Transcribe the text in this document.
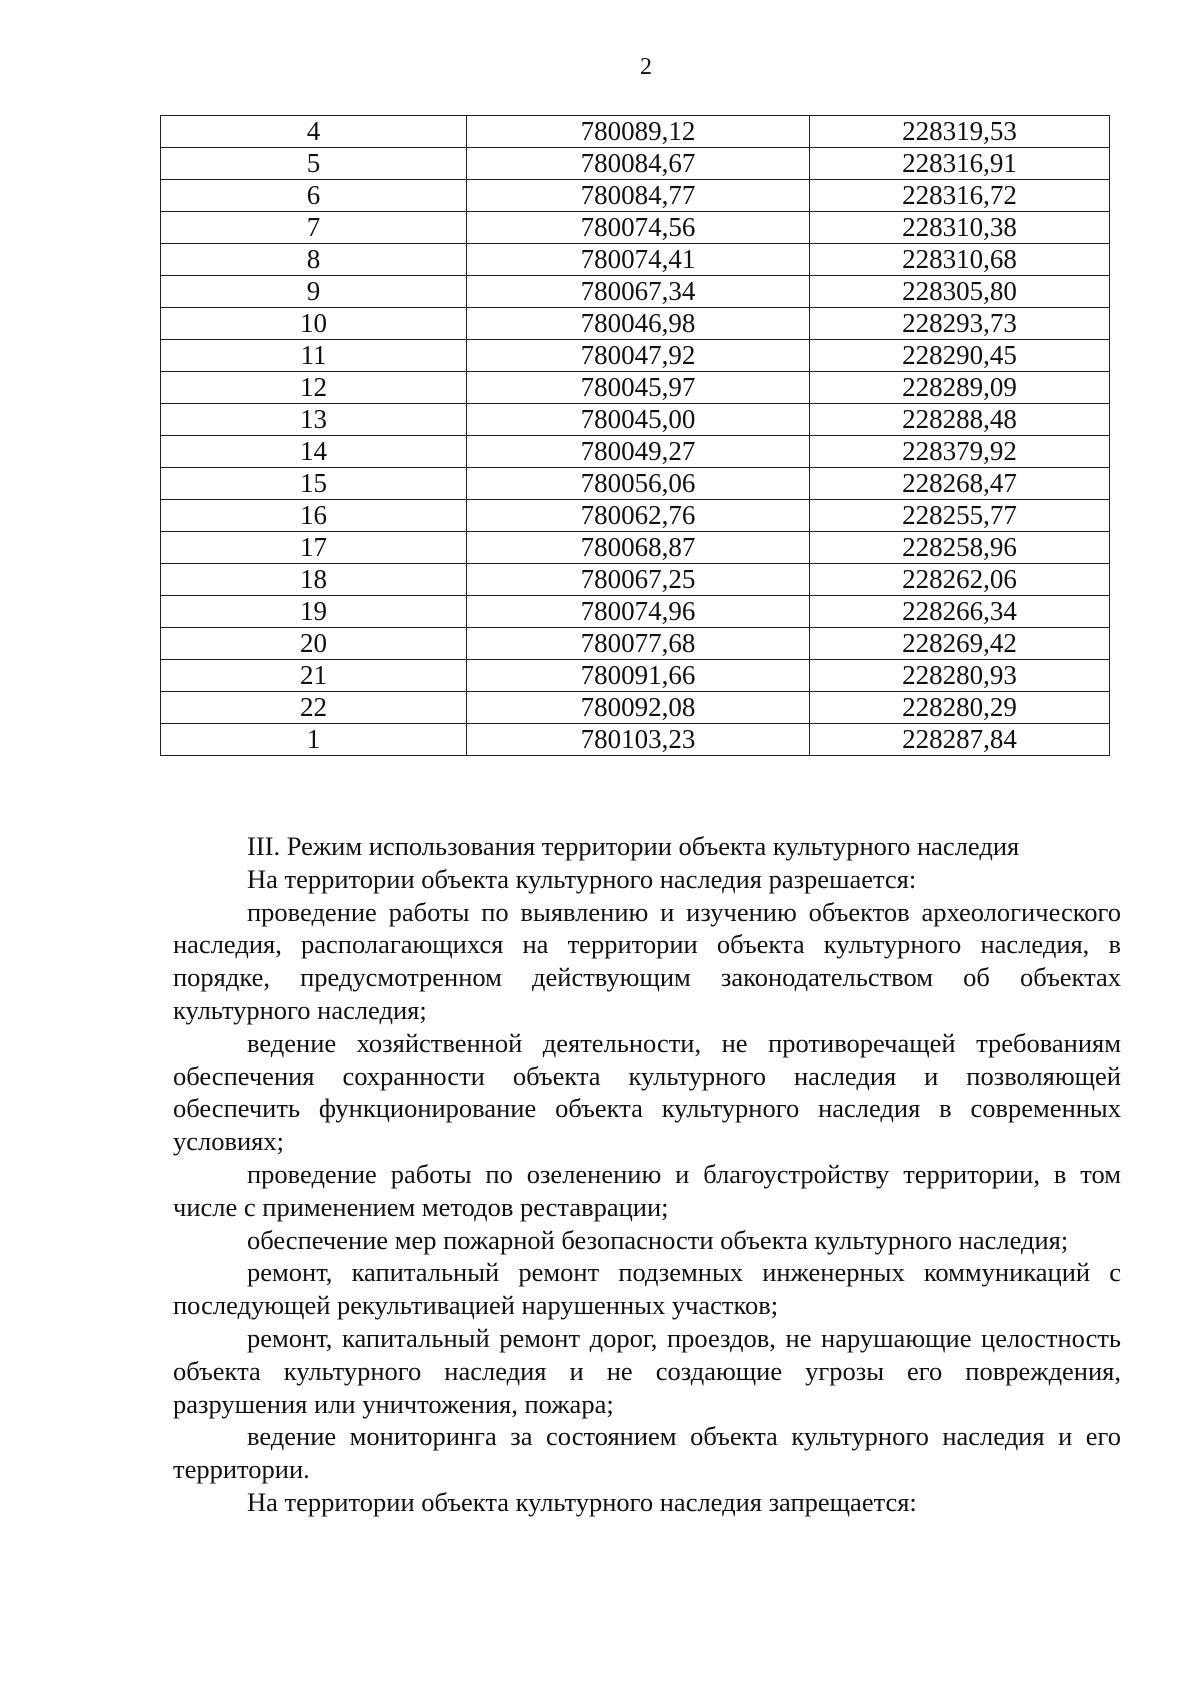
2
4	780089,12	228319,53
5	780084,67	228316,91
6	780084,77	228316,72
7	780074,56	228310,38
8	780074,41	228310,68
9	780067,34	228305,80
10	780046,98	228293,73
11	780047,92	228290,45
12	780045,97	228289,09
13	780045,00	228288,48
14	780049,27	228379,92
15	780056,06	228268,47
16	780062,76	228255,77
17	780068,87	228258,96
18	780067,25	228262,06
19	780074,96	228266,34
20	780077,68	228269,42
21	780091,66	228280,93
22	780092,08	228280,29
1	780103,23	228287,84

III. Режим использования территории объекта культурного наследия

На территории объекта культурного наследия разрешается:

проведение работы по выявлению и изучению объектов археологического наследия, располагающихся на территории объекта культурного наследия, в порядке, предусмотренном действующим законодательством об объектах культурного наследия;

ведение хозяйственной деятельности, не противоречащей требованиям обеспечения сохранности объекта культурного наследия и позволяющей обеспечить функционирование объекта культурного наследия в современных условиях;

проведение работы по озеленению и благоустройству территории, в том числе с применением методов реставрации;

обеспечение мер пожарной безопасности объекта культурного наследия;

ремонт, капитальный ремонт подземных инженерных коммуникаций с последующей рекультивацией нарушенных участков;

ремонт, капитальный ремонт дорог, проездов, не нарушающие целостность объекта культурного наследия и не создающие угрозы его повреждения, разрушения или уничтожения, пожара;

ведение мониторинга за состоянием объекта культурного наследия и его территории.

На территории объекта культурного наследия запрещается:
